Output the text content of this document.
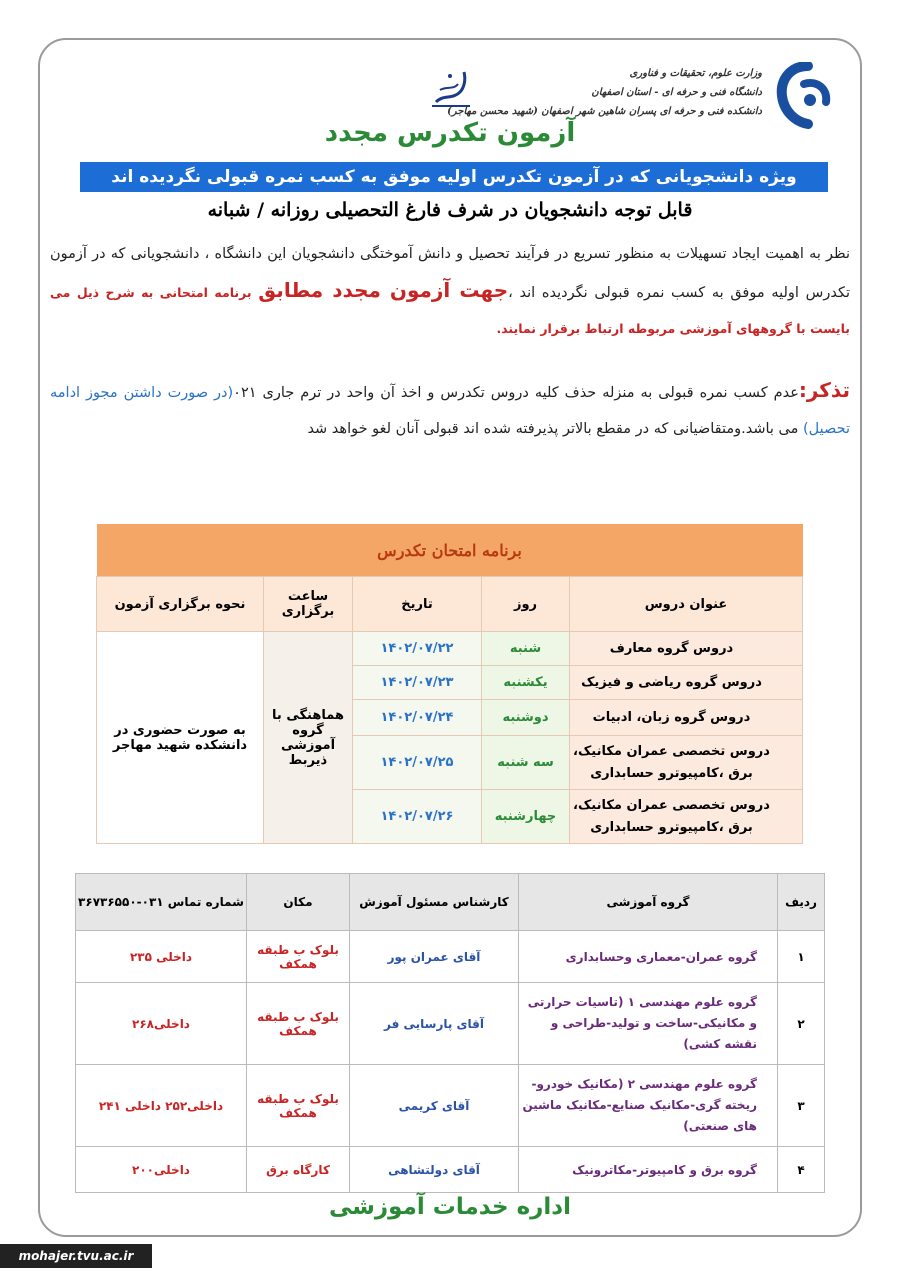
وزارت علوم، تحقیقات و فناوری
دانشگاه فنی و حرفه ای - استان اصفهان
دانشکده فنی و حرفه ای پسران شاهین شهر اصفهان (شهید محسن مهاجر)
آزمون تکدرس مجدد
ویژه دانشجویانی که در آزمون تکدرس اولیه موفق به کسب نمره قبولی نگردیده اند
قابل توجه دانشجویان در شرف فارغ التحصیلی روزانه / شبانه

نظر به اهمیت ایجاد تسهیلات به منظور تسریع در فرآیند تحصیل و دانش آموختگی دانشجویان این دانشگاه ، دانشجویانی که در آزمون تکدرس اولیه موفق به کسب نمره قبولی نگردیده اند ،جهت آزمون مجدد مطابق برنامه امتحانی به شرح ذیل می بایست با گروههای آموزشی مربوطه ارتباط برقرار نمایند.

تذکر:عدم کسب نمره قبولی به منزله حذف کلیه دروس تکدرس و اخذ آن واحد در ترم جاری ۰۲۱(در صورت داشتن مجوز ادامه تحصیل) می باشد.ومتقاضیانی که در مقطع بالاتر پذیرفته شده اند قبولی آنان لغو خواهد شد

برنامه امتحان تکدرس				
عنوان دروس	روز	تاریخ	ساعت برگزاری	نحوه برگزاری آزمون
دروس گروه معارف	شنبه	۱۴۰۲/۰۷/۲۲	هماهنگی با گروه آموزشی ذیربط	به صورت حضوری در دانشکده شهید مهاجر
دروس گروه ریاضی و فیزیک	یکشنبه	۱۴۰۲/۰۷/۲۳		
دروس گروه زبان، ادبیات	دوشنبه	۱۴۰۲/۰۷/۲۴		
دروس تخصصی عمران مکانیک، برق ،کامپیوترو حسابداری	سه شنبه	۱۴۰۲/۰۷/۲۵		
دروس تخصصی عمران مکانیک، برق ،کامپیوترو حسابداری	چهارشنبه	۱۴۰۲/۰۷/۲۶		
ردیف	گروه آموزشی	کارشناس مسئول آموزش	مکان	شماره تماس ۰۳۱-۳۶۷۳۶۵۵۰
۱	گروه عمران-معماری وحسابداری	آقای عمران پور	بلوک ب طبقه همکف	داخلی ۲۳۵
۲	گروه علوم مهندسی ۱ (تاسیات حرارتی و مکانیکی-ساخت و تولید-طراحی و نقشه کشی)	آقای پارسایی فر	بلوک ب طبقه همکف	داخلی۲۶۸
۳	گروه علوم مهندسی ۲ (مکانیک خودرو-ریخته گری-مکانیک صنایع-مکانیک ماشین های صنعتی)	آقای کریمی	بلوک ب طبقه همکف	داخلی۲۵۲ داخلی ۲۴۱
۴	گروه برق و کامپیوتر-مکاترونیک	آقای دولتشاهی	کارگاه برق	داخلی۲۰۰
اداره خدمات آموزشی
mohajer.tvu.ac.ir
